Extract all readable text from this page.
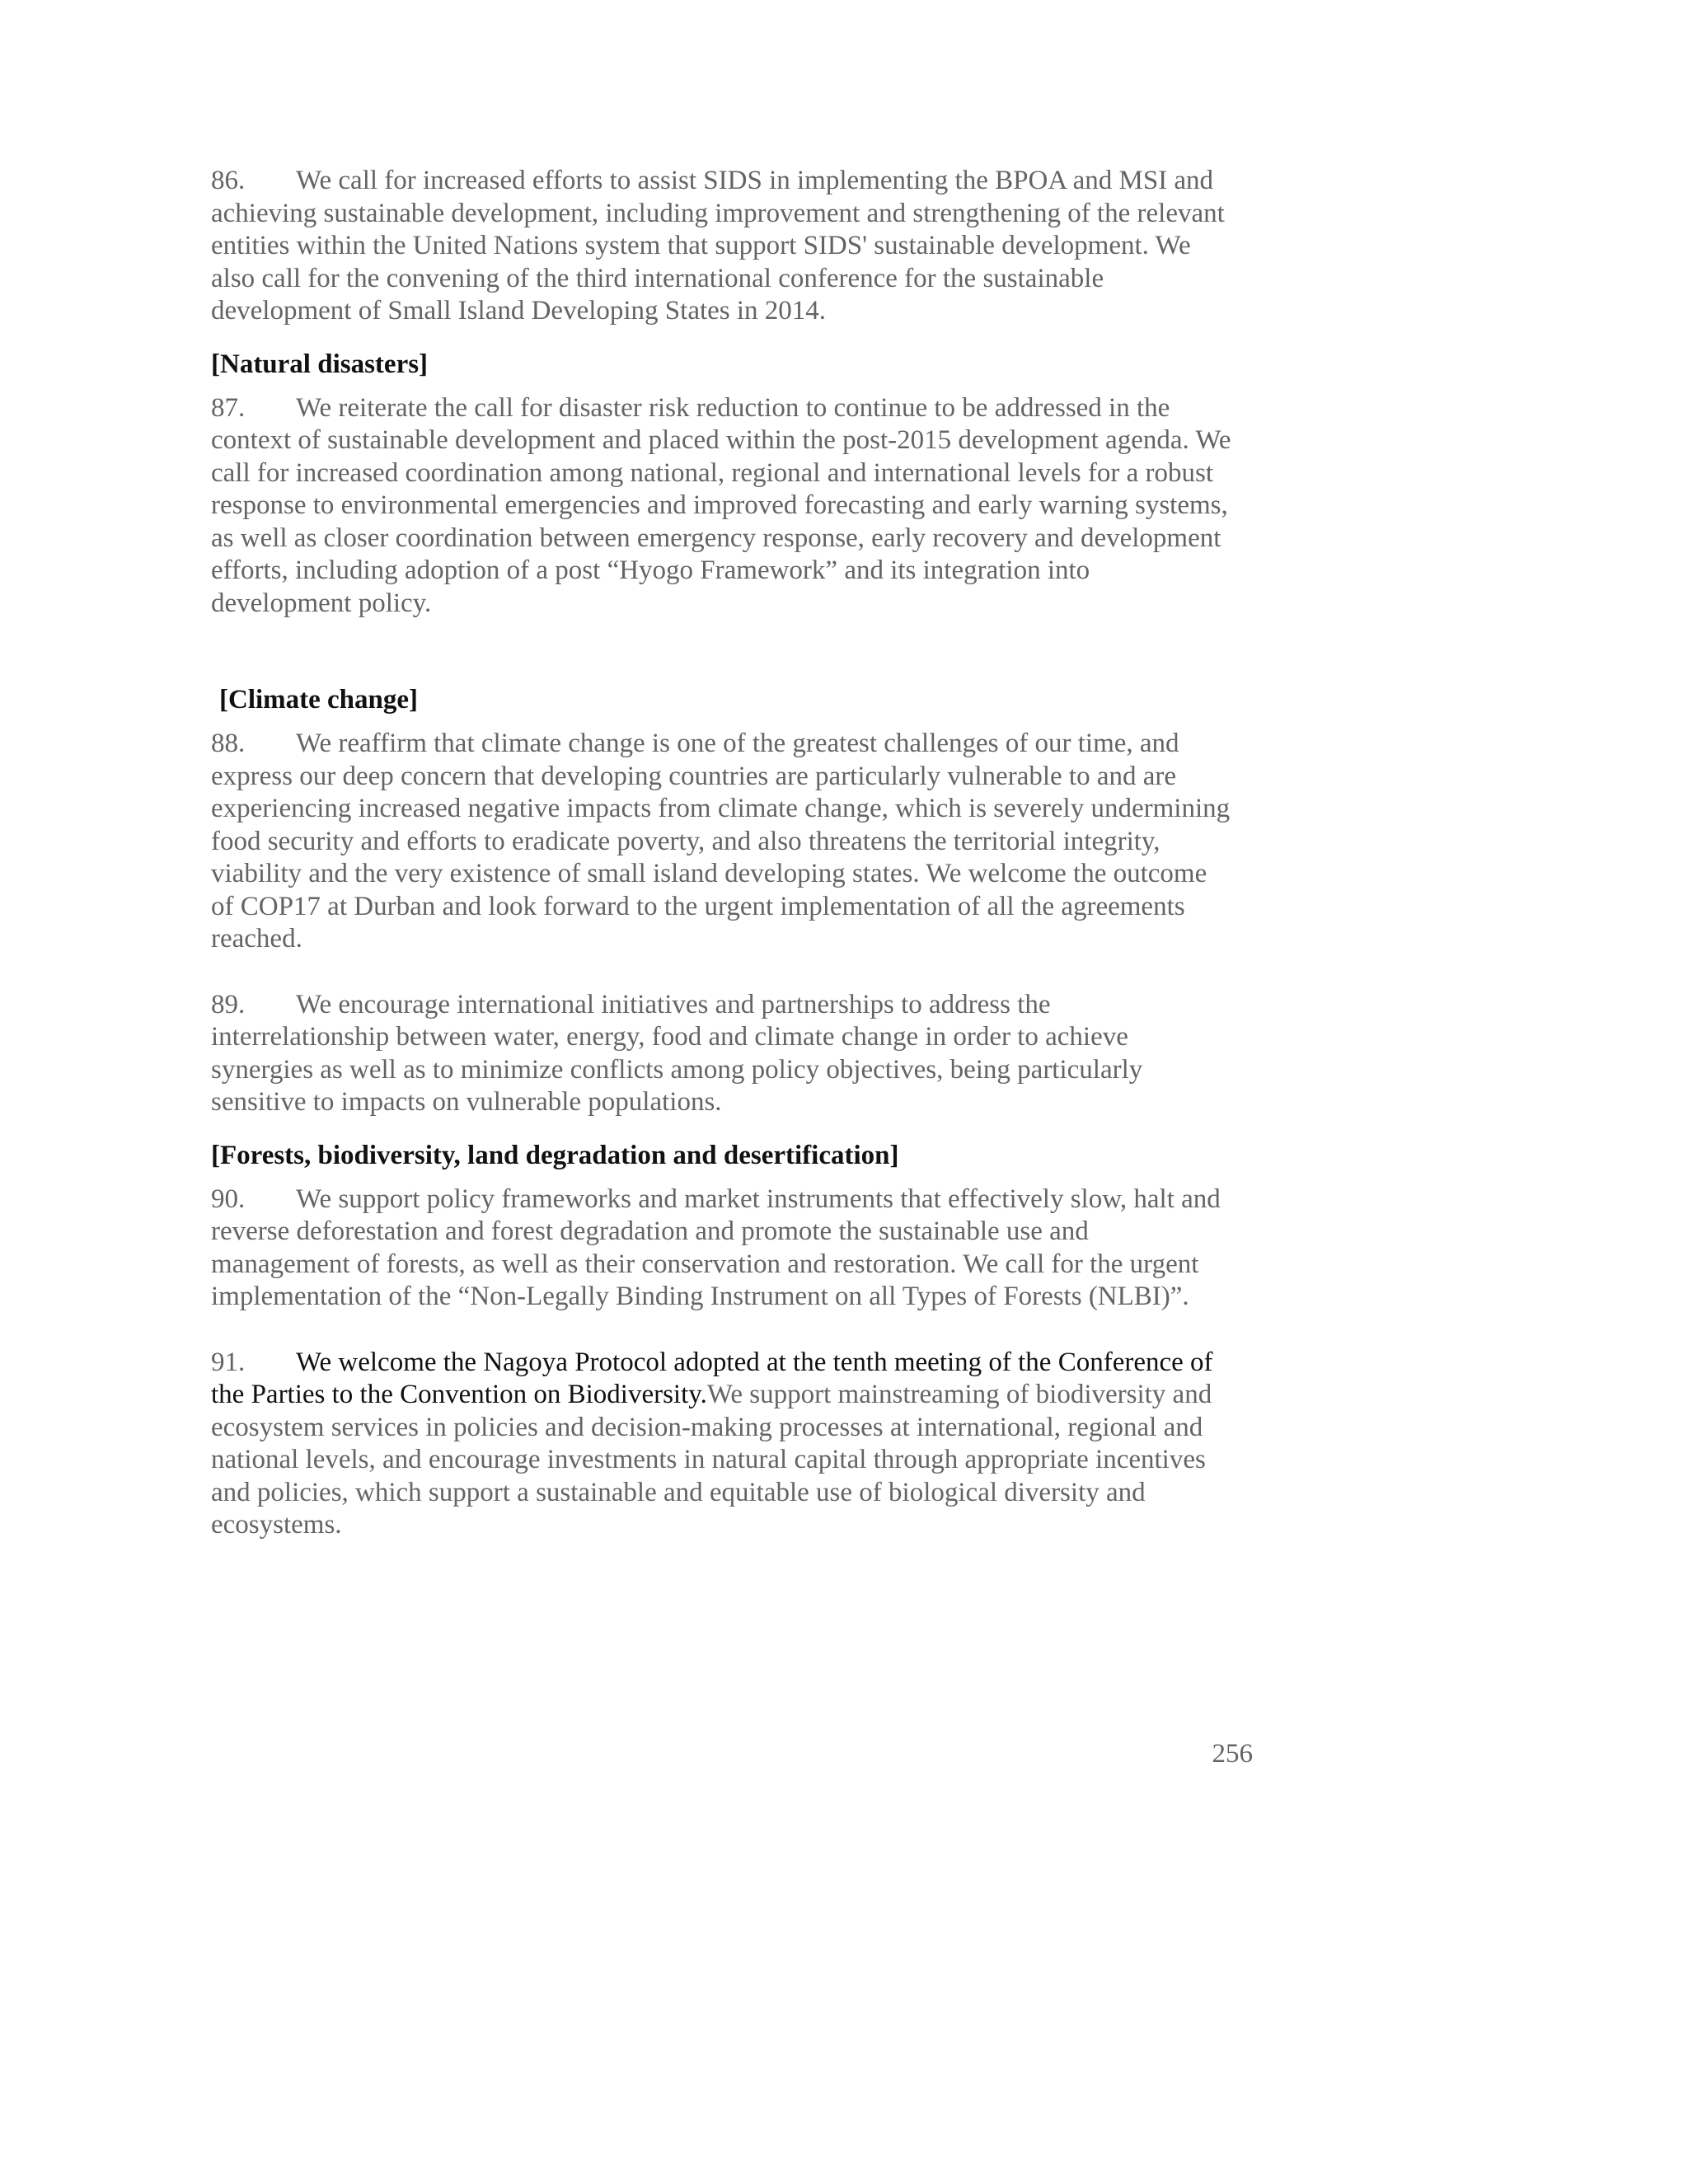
86. We call for increased efforts to assist SIDS in implementing the BPOA and MSI and achieving sustainable development, including improvement and strengthening of the relevant entities within the United Nations system that support SIDS' sustainable development. We also call for the convening of the third international conference for the sustainable development of Small Island Developing States in 2014.

[Natural disasters]

87. We reiterate the call for disaster risk reduction to continue to be addressed in the context of sustainable development and placed within the post-2015 development agenda. We call for increased coordination among national, regional and international levels for a robust response to environmental emergencies and improved forecasting and early warning systems, as well as closer coordination between emergency response, early recovery and development efforts, including adoption of a post “Hyogo Framework” and its integration into development policy.

[Climate change]

88. We reaffirm that climate change is one of the greatest challenges of our time, and express our deep concern that developing countries are particularly vulnerable to and are experiencing increased negative impacts from climate change, which is severely undermining food security and efforts to eradicate poverty, and also threatens the territorial integrity, viability and the very existence of small island developing states. We welcome the outcome of COP17 at Durban and look forward to the urgent implementation of all the agreements reached.

89. We encourage international initiatives and partnerships to address the interrelationship between water, energy, food and climate change in order to achieve synergies as well as to minimize conflicts among policy objectives, being particularly sensitive to impacts on vulnerable populations.

[Forests, biodiversity, land degradation and desertification]

90. We support policy frameworks and market instruments that effectively slow, halt and reverse deforestation and forest degradation and promote the sustainable use and management of forests, as well as their conservation and restoration. We call for the urgent implementation of the “Non-Legally Binding Instrument on all Types of Forests (NLBI)”.

91. We welcome the Nagoya Protocol adopted at the tenth meeting of the Conference of the Parties to the Convention on Biodiversity.We support mainstreaming of biodiversity and ecosystem services in policies and decision-making processes at international, regional and national levels, and encourage investments in natural capital through appropriate incentives and policies, which support a sustainable and equitable use of biological diversity and ecosystems.

256
